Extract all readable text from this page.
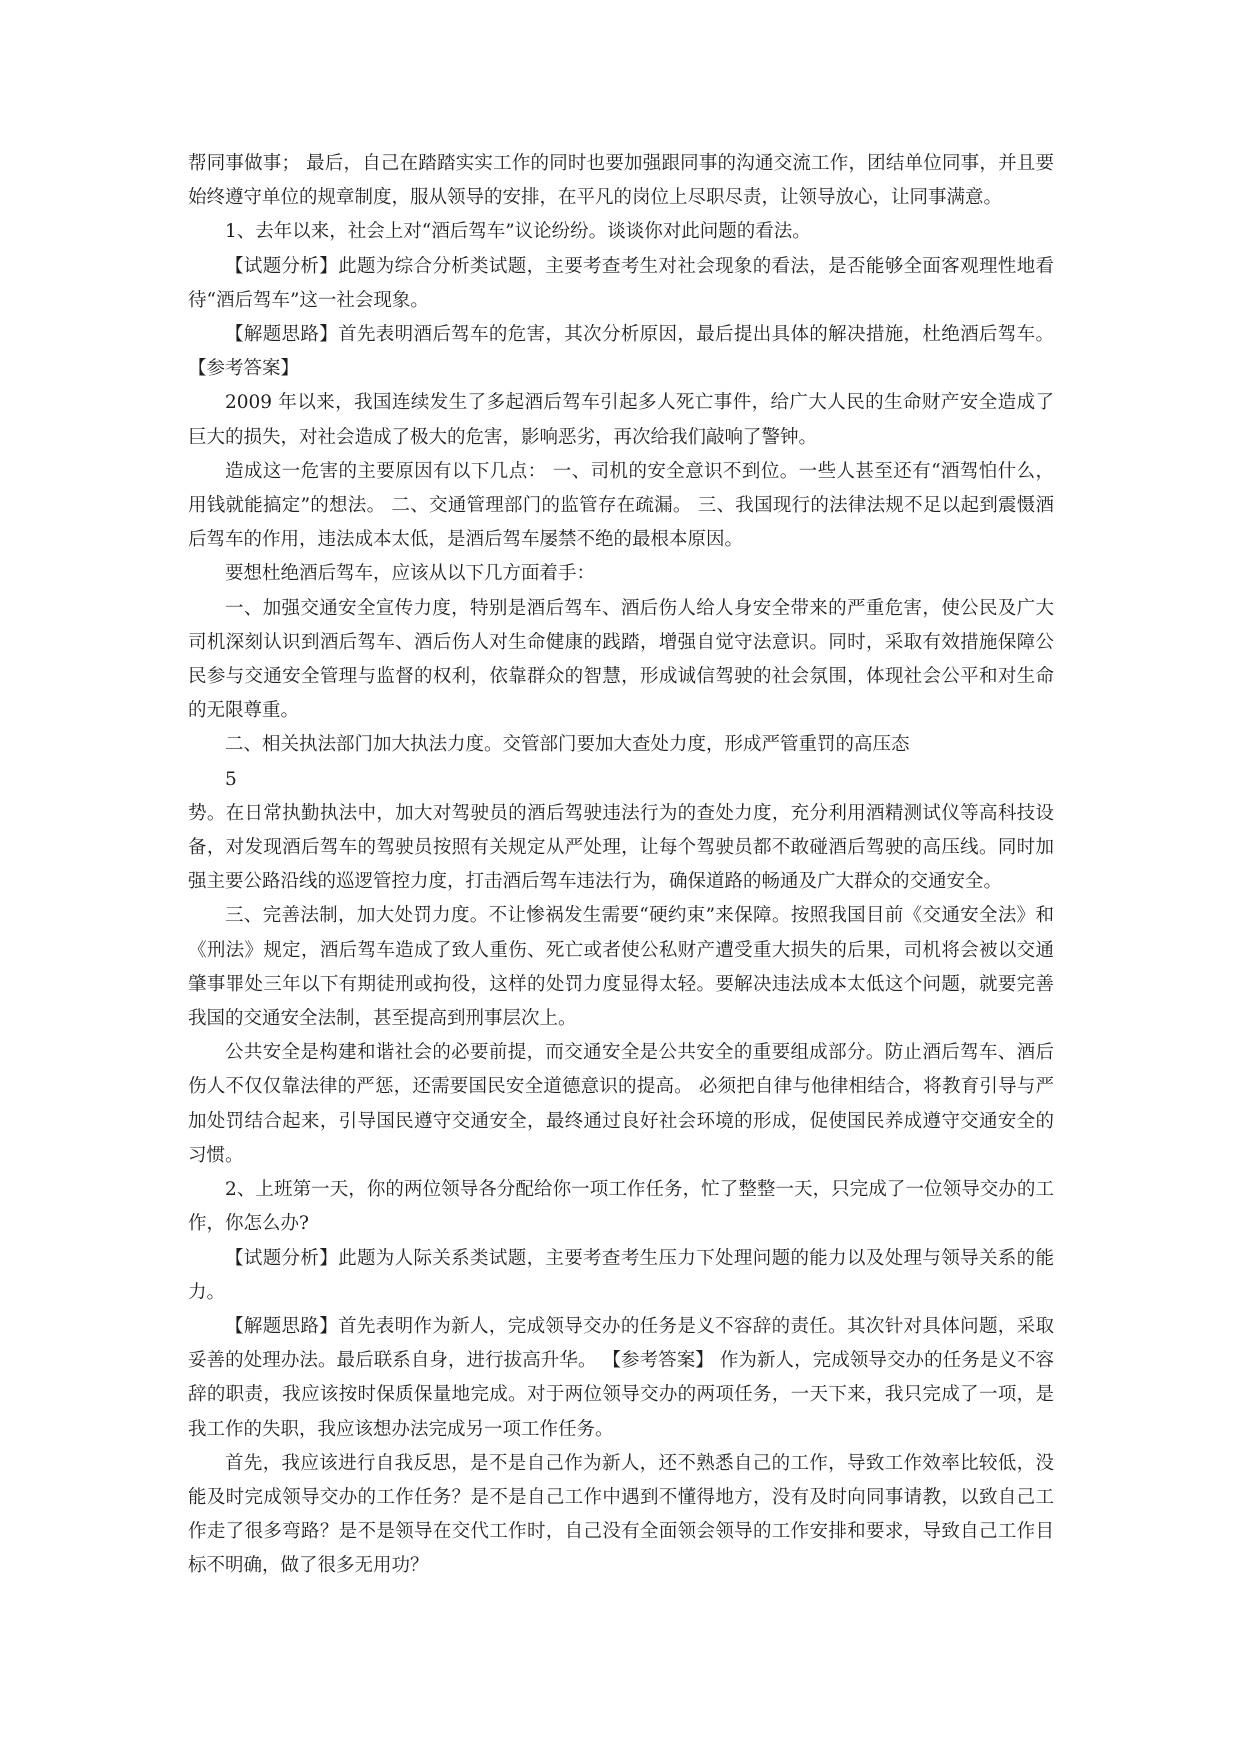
帮同事做事； 最后，自己在踏踏实实工作的同时也要加强跟同事的沟通交流工作，团结单位同事，并且要始终遵守单位的规章制度，服从领导的安排，在平凡的岗位上尽职尽责，让领导放心，让同事满意。

1、去年以来，社会上对“酒后驾车”议论纷纷。谈谈你对此问题的看法。

【试题分析】此题为综合分析类试题，主要考查考生对社会现象的看法，是否能够全面客观理性地看待“酒后驾车”这一社会现象。

【解题思路】首先表明酒后驾车的危害，其次分析原因，最后提出具体的解决措施，杜绝酒后驾车。 【参考答案】

2009 年以来，我国连续发生了多起酒后驾车引起多人死亡事件，给广大人民的生命财产安全造成了巨大的损失，对社会造成了极大的危害，影响恶劣，再次给我们敲响了警钟。

造成这一危害的主要原因有以下几点： 一、司机的安全意识不到位。一些人甚至还有“酒驾怕什么，用钱就能搞定”的想法。 二、交通管理部门的监管存在疏漏。 三、我国现行的法律法规不足以起到震慑酒后驾车的作用，违法成本太低，是酒后驾车屡禁不绝的最根本原因。

要想杜绝酒后驾车，应该从以下几方面着手：

一、加强交通安全宣传力度，特别是酒后驾车、酒后伤人给人身安全带来的严重危害，使公民及广大司机深刻认识到酒后驾车、酒后伤人对生命健康的践踏，增强自觉守法意识。同时，采取有效措施保障公民参与交通安全管理与监督的权利，依靠群众的智慧，形成诚信驾驶的社会氛围，体现社会公平和对生命的无限尊重。

二、相关执法部门加大执法力度。交管部门要加大查处力度，形成严管重罚的高压态

5

势。在日常执勤执法中，加大对驾驶员的酒后驾驶违法行为的查处力度，充分利用酒精测试仪等高科技设备，对发现酒后驾车的驾驶员按照有关规定从严处理，让每个驾驶员都不敢碰酒后驾驶的高压线。同时加强主要公路沿线的巡逻管控力度，打击酒后驾车违法行为，确保道路的畅通及广大群众的交通安全。

三、完善法制，加大处罚力度。不让惨祸发生需要“硬约束”来保障。按照我国目前《交通安全法》和《刑法》规定，酒后驾车造成了致人重伤、死亡或者使公私财产遭受重大损失的后果，司机将会被以交通肇事罪处三年以下有期徒刑或拘役，这样的处罚力度显得太轻。要解决违法成本太低这个问题，就要完善我国的交通安全法制，甚至提高到刑事层次上。

公共安全是构建和谐社会的必要前提，而交通安全是公共安全的重要组成部分。防止酒后驾车、酒后伤人不仅仅靠法律的严惩，还需要国民安全道德意识的提高。 必须把自律与他律相结合，将教育引导与严加处罚结合起来，引导国民遵守交通安全，最终通过良好社会环境的形成，促使国民养成遵守交通安全的习惯。

2、上班第一天，你的两位领导各分配给你一项工作任务，忙了整整一天，只完成了一位领导交办的工作，你怎么办?

【试题分析】此题为人际关系类试题，主要考查考生压力下处理问题的能力以及处理与领导关系的能力。

【解题思路】首先表明作为新人，完成领导交办的任务是义不容辞的责任。其次针对具体问题，采取妥善的处理办法。最后联系自身，进行拔高升华。 【参考答案】 作为新人，完成领导交办的任务是义不容辞的职责，我应该按时保质保量地完成。对于两位领导交办的两项任务，一天下来，我只完成了一项，是我工作的失职，我应该想办法完成另一项工作任务。

首先，我应该进行自我反思，是不是自己作为新人，还不熟悉自己的工作，导致工作效率比较低，没能及时完成领导交办的工作任务？是不是自己工作中遇到不懂得地方，没有及时向同事请教，以致自己工作走了很多弯路？是不是领导在交代工作时，自己没有全面领会领导的工作安排和要求，导致自己工作目标不明确，做了很多无用功？
